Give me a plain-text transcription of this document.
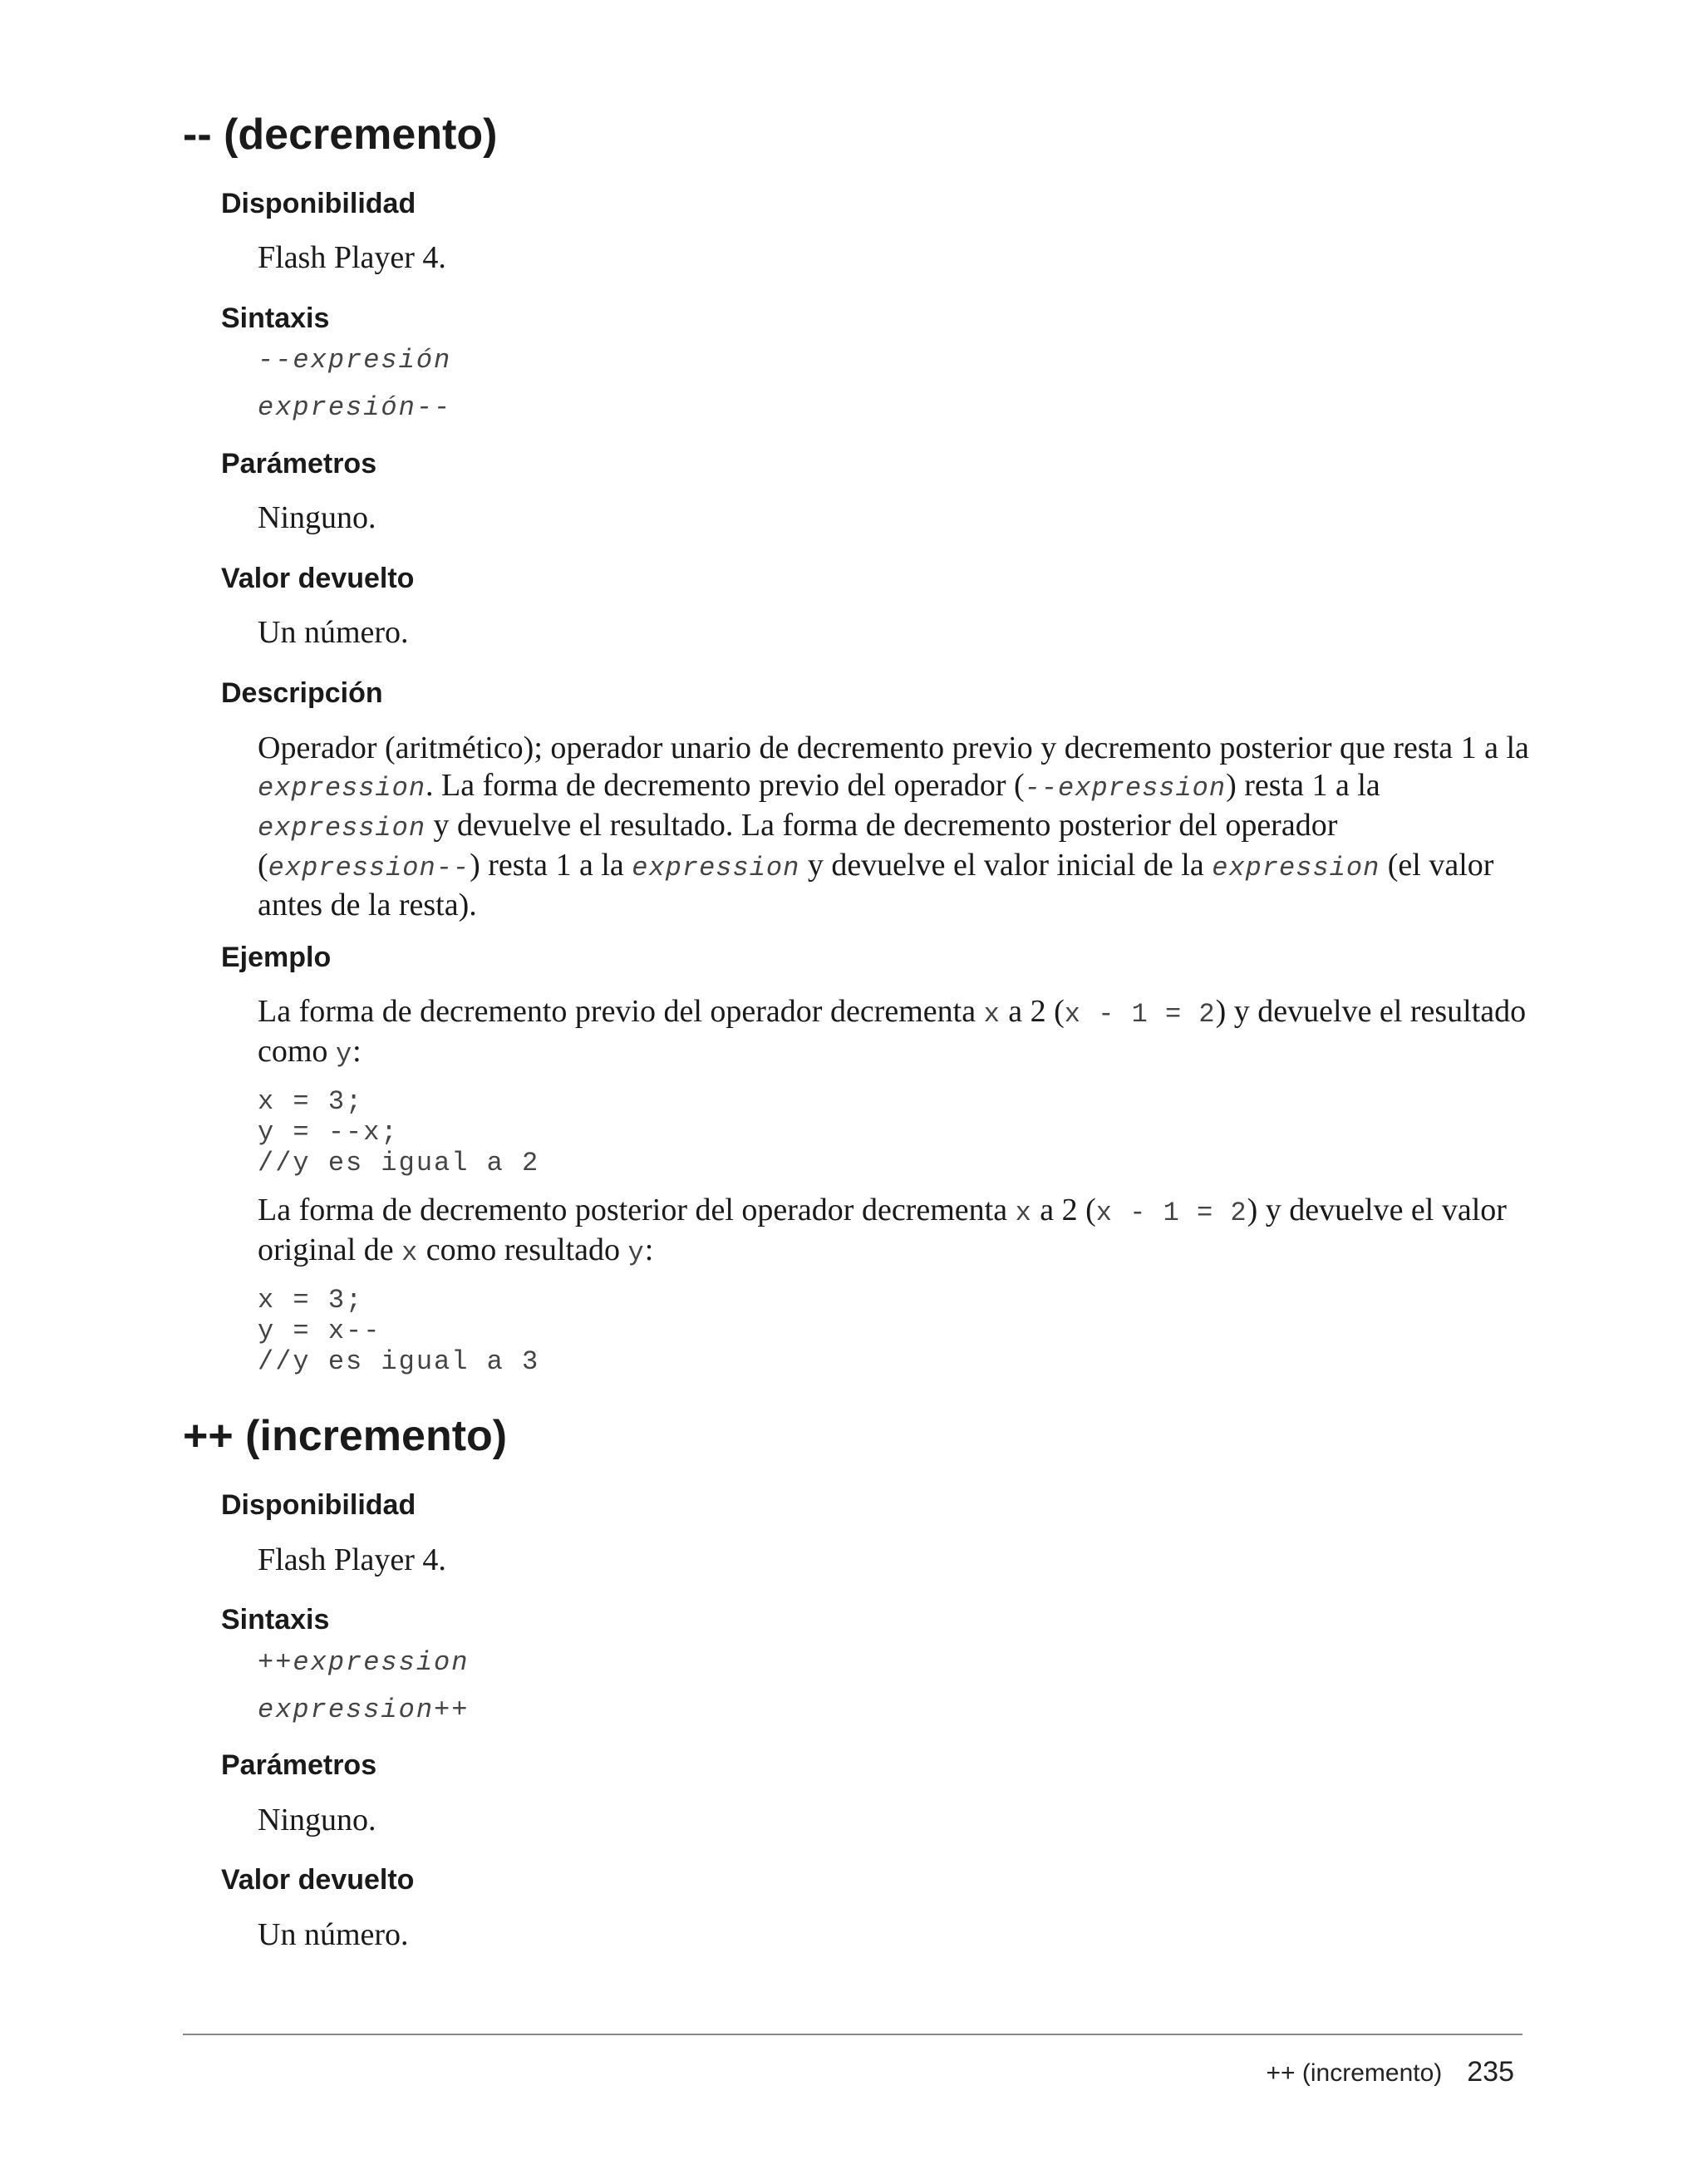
-- (decremento)
Disponibilidad

Flash Player 4.

Sintaxis

--expresión

expresión--

Parámetros

Ninguno.

Valor devuelto

Un número.

Descripción

Operador (aritmético); operador unario de decremento previo y decremento posterior que resta 1 a la expression. La forma de decremento previo del operador (--expression) resta 1 a la expression y devuelve el resultado. La forma de decremento posterior del operador (expression--) resta 1 a la expression y devuelve el valor inicial de la expression (el valor antes de la resta).

Ejemplo

La forma de decremento previo del operador decrementa x a 2 (x - 1 = 2) y devuelve el resultado como y:

x = 3;
y = --x;
//y es igual a 2

La forma de decremento posterior del operador decrementa x a 2 (x - 1 = 2) y devuelve el valor original de x como resultado y:

x = 3;
y = x--
//y es igual a 3
++ (incremento)
Disponibilidad

Flash Player 4.

Sintaxis

++expression

expression++

Parámetros

Ninguno.

Valor devuelto

Un número.

++ (incremento) 235
